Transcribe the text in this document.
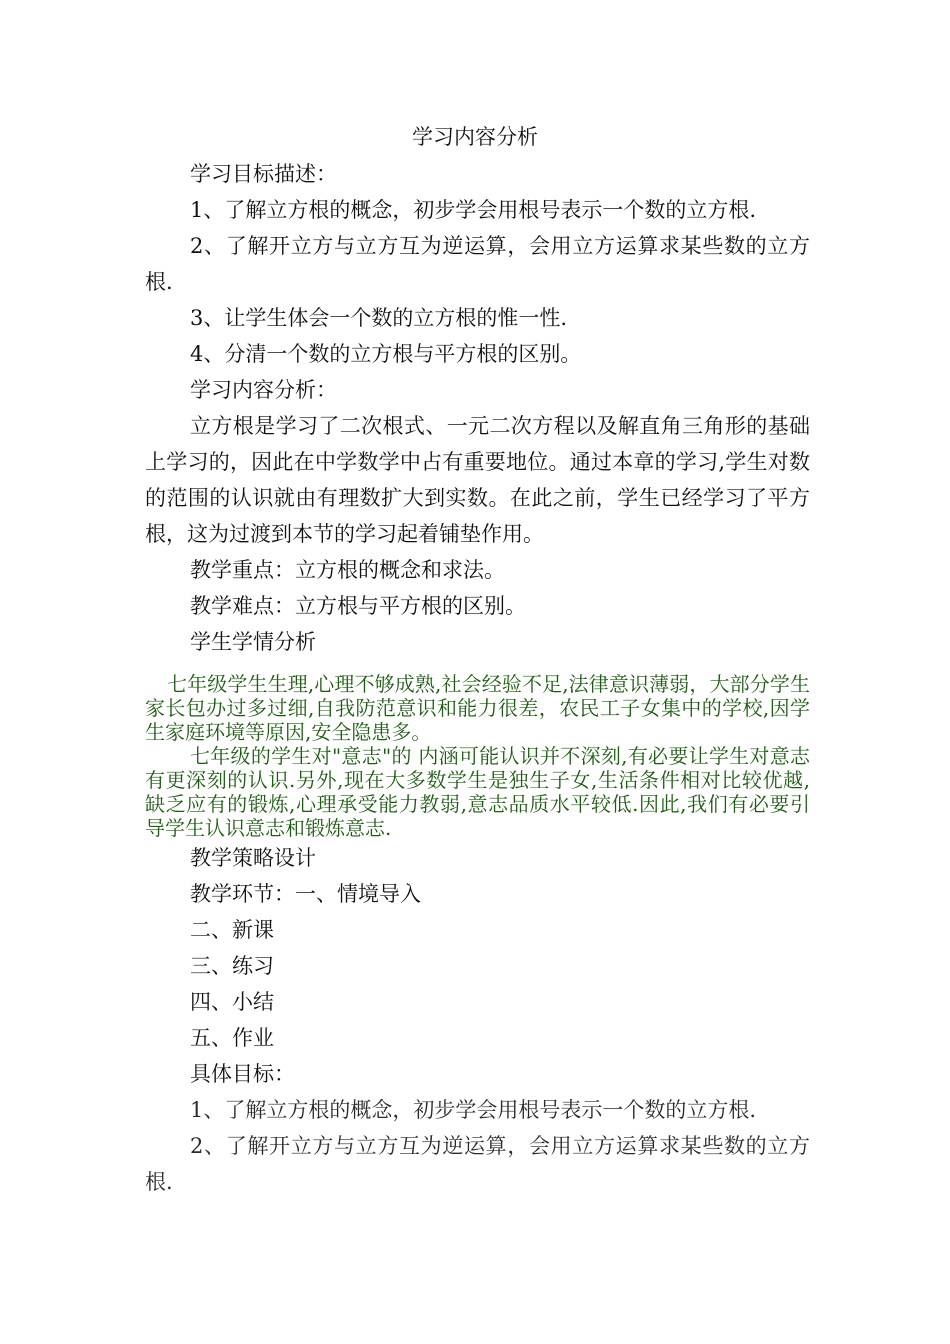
学习内容分析

学习目标描述：

1、了解立方根的概念，初步学会用根号表示一个数的立方根.

2、了解开立方与立方互为逆运算，会用立方运算求某些数的立方根.

3、让学生体会一个数的立方根的惟一性.

4、分清一个数的立方根与平方根的区别。

学习内容分析：

立方根是学习了二次根式、一元二次方程以及解直角三角形的基础上学习的，因此在中学数学中占有重要地位。通过本章的学习,学生对数的范围的认识就由有理数扩大到实数。在此之前，学生已经学习了平方根，这为过渡到本节的学习起着铺垫作用。

教学重点：立方根的概念和求法。

教学难点：立方根与平方根的区别。

学生学情分析

七年级学生生理,心理不够成熟,社会经验不足,法律意识薄弱，大部分学生家长包办过多过细,自我防范意识和能力很差，农民工子女集中的学校,因学生家庭环境等原因,安全隐患多。

七年级的学生对"意志"的 内涵可能认识并不深刻,有必要让学生对意志有更深刻的认识.另外,现在大多数学生是独生子女,生活条件相对比较优越,缺乏应有的锻炼,心理承受能力教弱,意志品质水平较低.因此,我们有必要引导学生认识意志和锻炼意志.

教学策略设计

教学环节：一、情境导入

二、新课

三、练习

四、小结

五、作业

具体目标：

1、了解立方根的概念，初步学会用根号表示一个数的立方根.

2、了解开立方与立方互为逆运算，会用立方运算求某些数的立方根.
